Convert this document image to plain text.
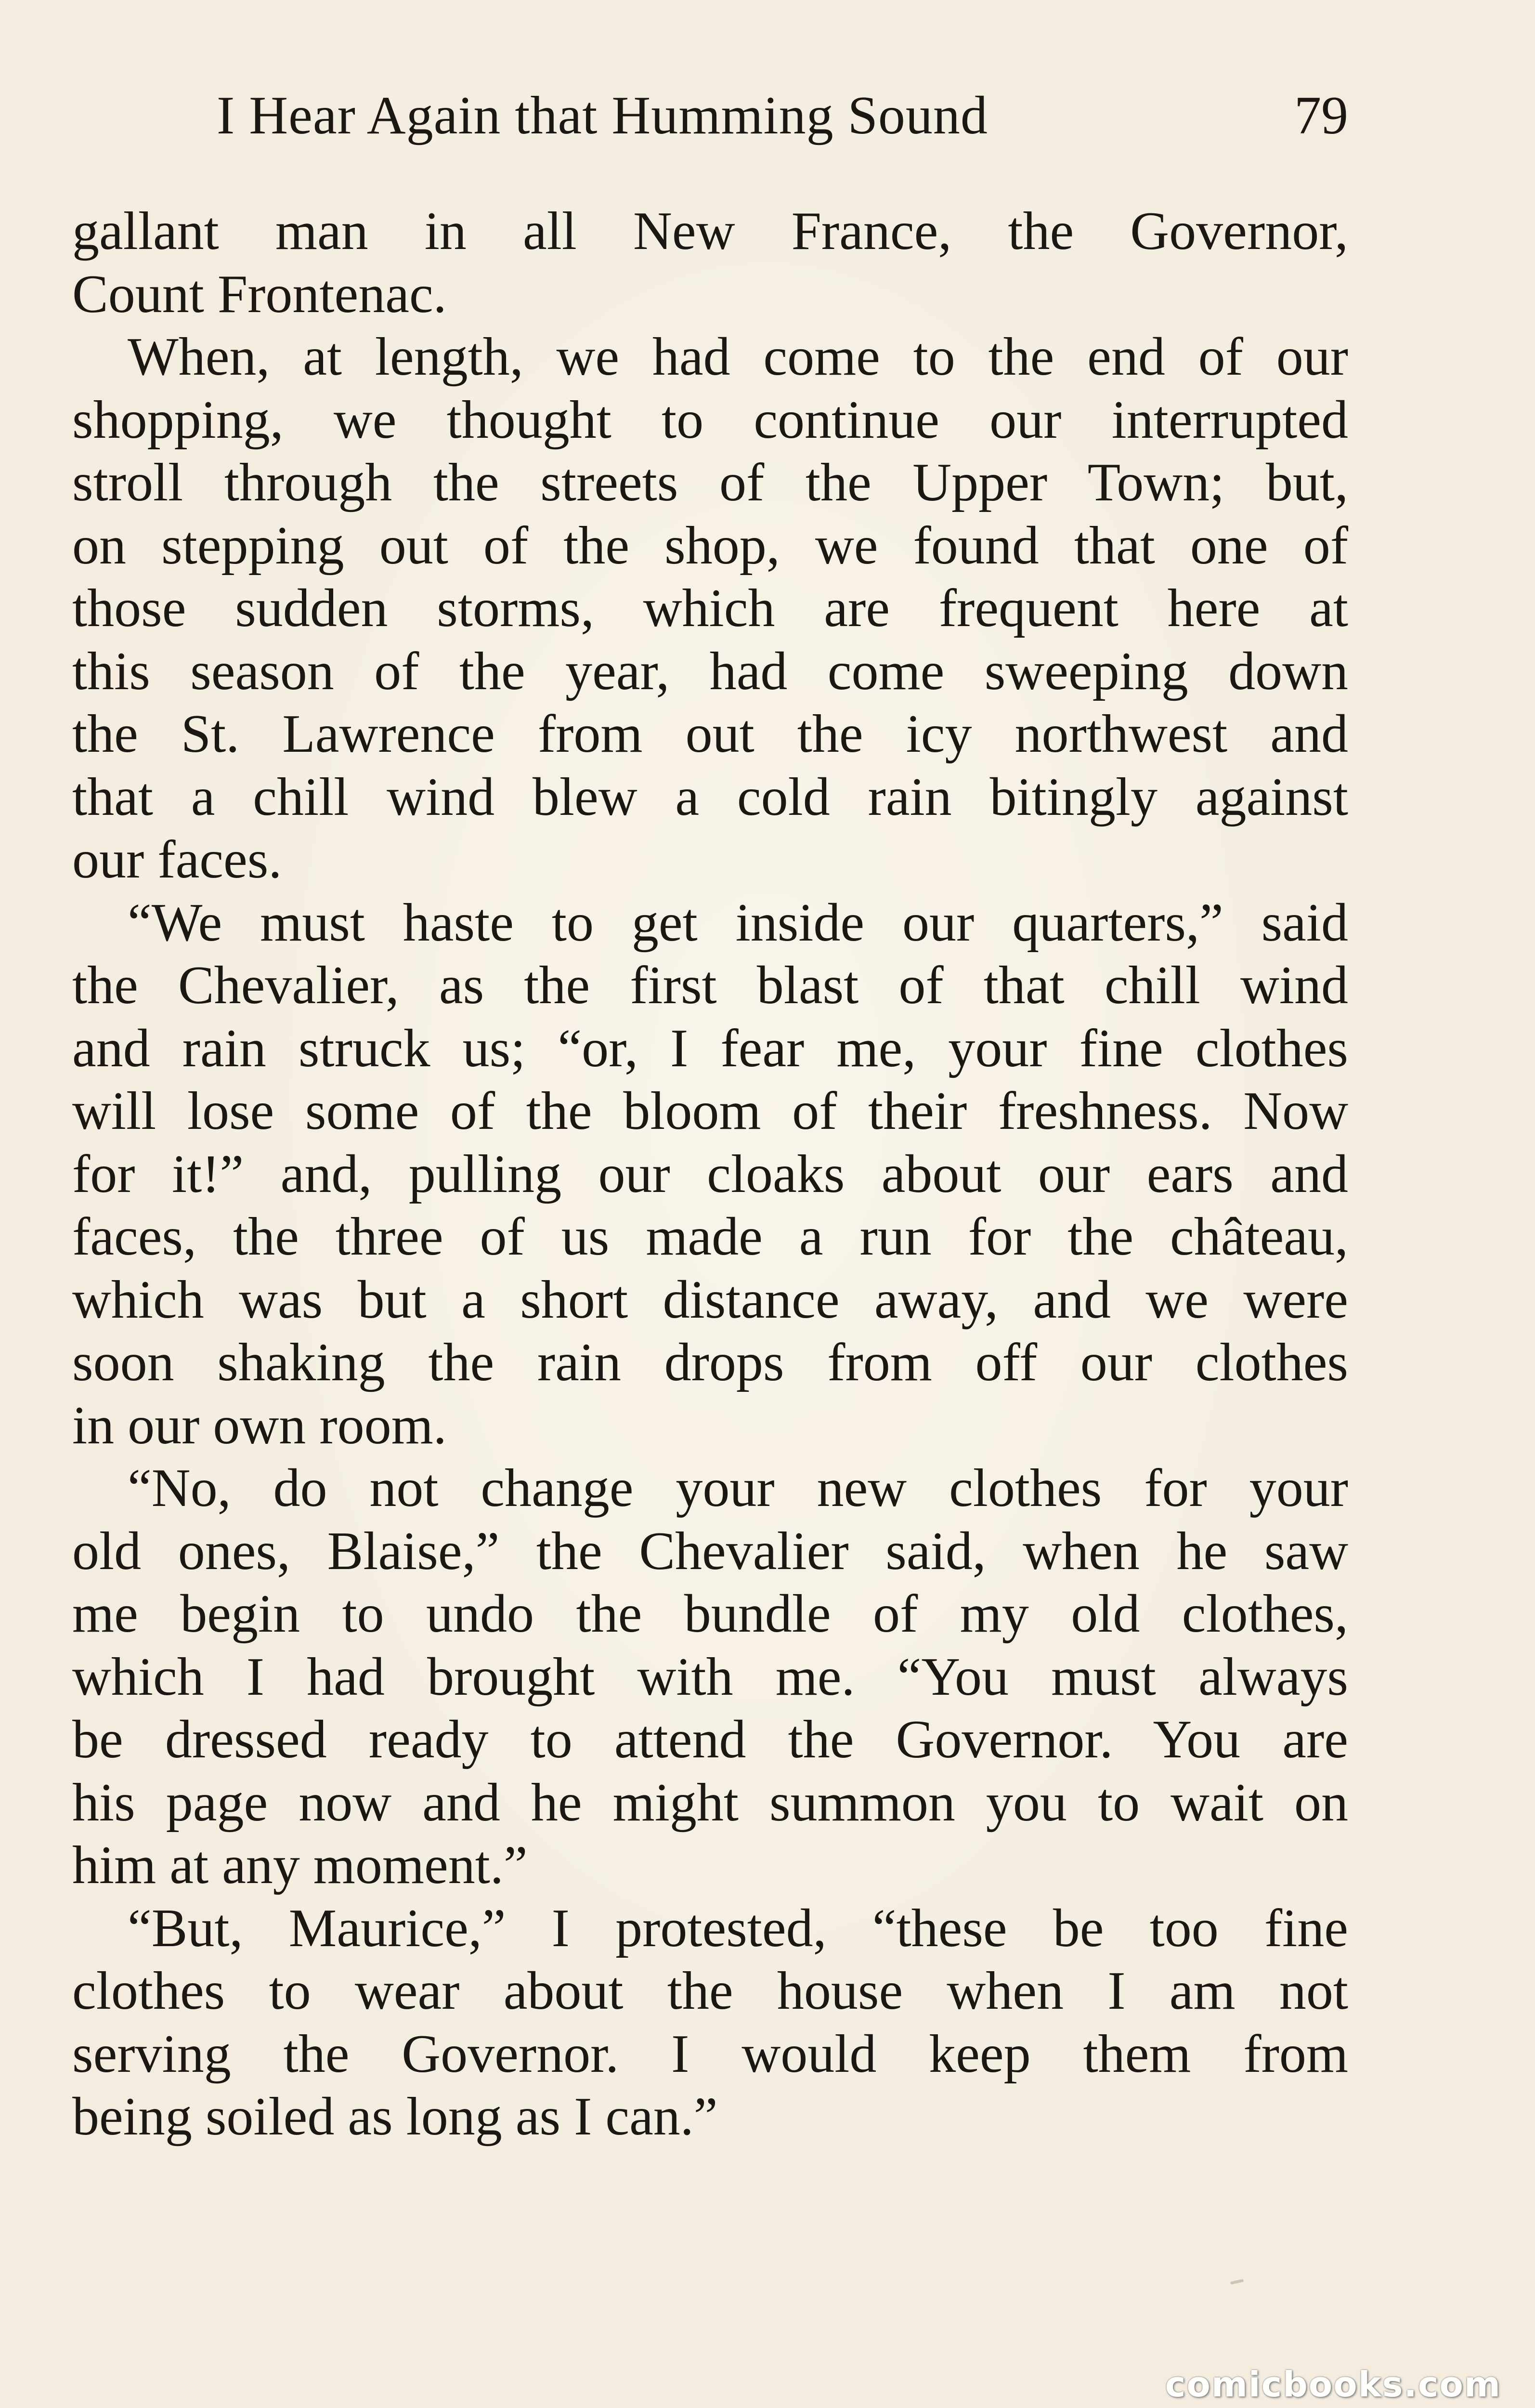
I Hear Again that Humming Sound	79
gallant man in all New France, the Governor,
Count Frontenac.
When, at length, we had come to the end of our
shopping, we thought to continue our interrupted
stroll through the streets of the Upper Town; but,
on stepping out of the shop, we found that one of
those sudden storms, which are frequent here at
this season of the year, had come sweeping down
the St. Lawrence from out the icy northwest and
that a chill wind blew a cold rain bitingly against
our faces.
“We must haste to get inside our quarters,” said
the Chevalier, as the first blast of that chill wind
and rain struck us; “or, I fear me, your fine clothes
will lose some of the bloom of their freshness. Now
for it!” and, pulling our cloaks about our ears and
faces, the three of us made a run for the château,
which was but a short distance away, and we were
soon shaking the rain drops from off our clothes
in our own room.
“No, do not change your new clothes for your
old ones, Blaise,” the Chevalier said, when he saw
me begin to undo the bundle of my old clothes,
which I had brought with me. “You must always
be dressed ready to attend the Governor. You are
his page now and he might summon you to wait on
him at any moment.”
“But, Maurice,” I protested, “these be too fine
clothes to wear about the house when I am not
serving the Governor. I would keep them from
being soiled as long as I can.”
comicbooks.com
